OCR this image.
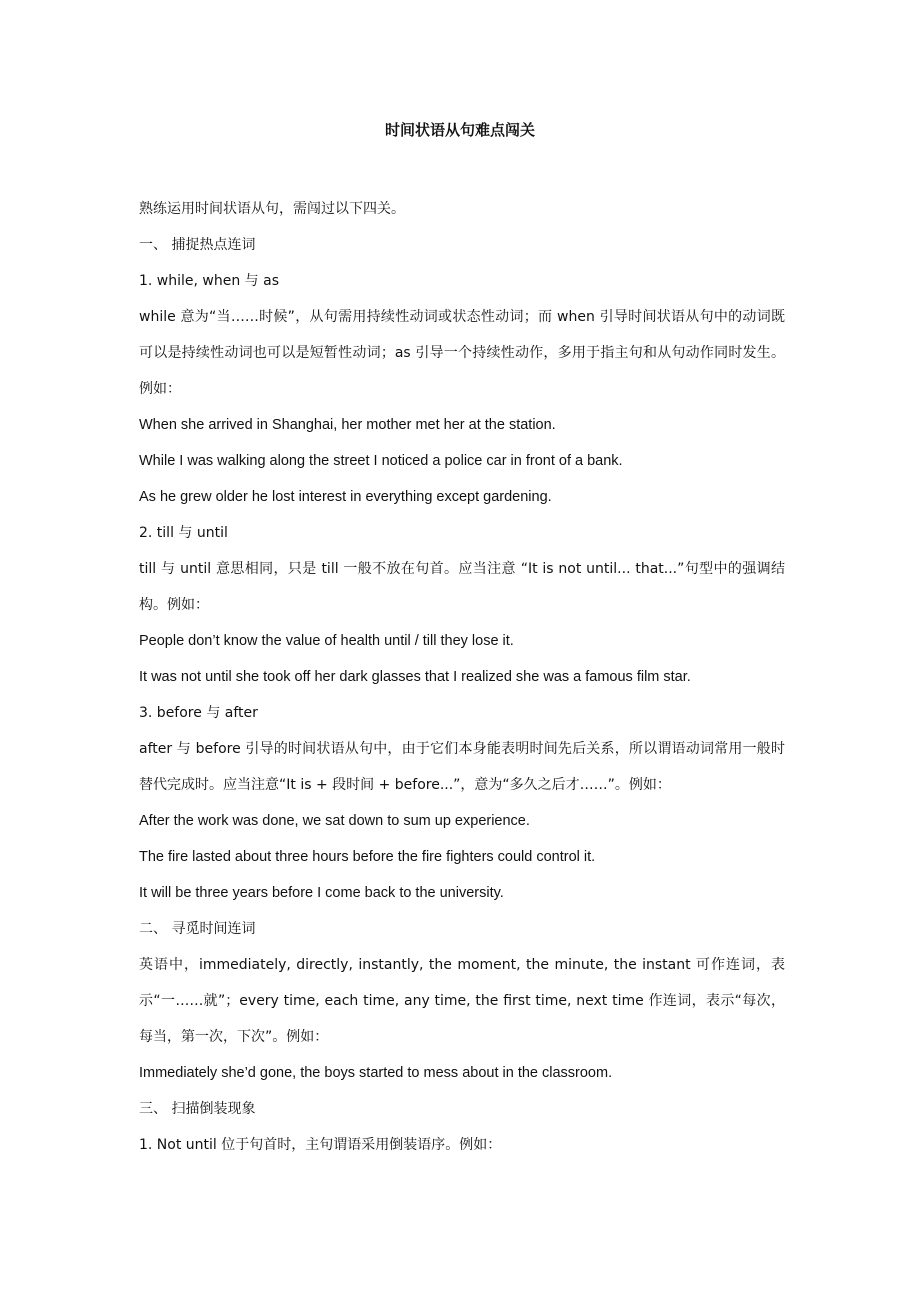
时间状语从句难点闯关

熟练运用时间状语从句，需闯过以下四关。

一、 捕捉热点连词

1. while, when 与 as

while 意为“当……时候”，从句需用持续性动词或状态性动词；而 when 引导时间状语从句中的动词既可以是持续性动词也可以是短暂性动词；as 引导一个持续性动作，多用于指主句和从句动作同时发生。例如：

When she arrived in Shanghai, her mother met her at the station.

While I was walking along the street I noticed a police car in front of a bank.

As he grew older he lost interest in everything except gardening.

2. till 与 until

till 与 until 意思相同，只是 till 一般不放在句首。应当注意 “It is not until... that...”句型中的强调结构。例如：

People don’t know the value of health until / till they lose it.

It was not until she took off her dark glasses that I realized she was a famous film star.

3. before 与 after

after 与 before 引导的时间状语从句中，由于它们本身能表明时间先后关系，所以谓语动词常用一般时替代完成时。应当注意“It is + 段时间 + before...”，意为“多久之后才……”。例如：

After the work was done, we sat down to sum up experience.

The fire lasted about three hours before the fire fighters could control it.

It will be three years before I come back to the university.

二、 寻觅时间连词

英语中，immediately, directly, instantly, the moment, the minute, the instant 可作连词，表示“一……就”；every time, each time, any time, the first time, next time 作连词，表示“每次，每当，第一次，下次”。例如：

Immediately she’d gone, the boys started to mess about in the classroom.

三、 扫描倒装现象

1. Not until 位于句首时，主句谓语采用倒装语序。例如：
